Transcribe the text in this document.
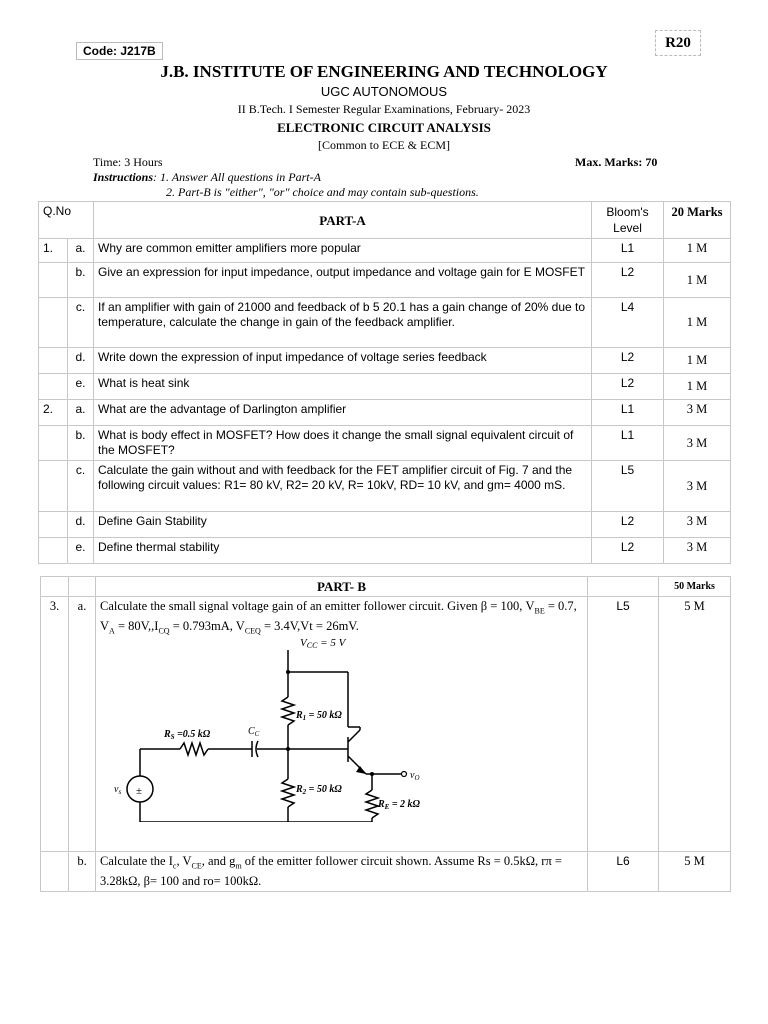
Code: J217B	R20
J.B. INSTITUTE OF ENGINEERING AND TECHNOLOGY
UGC AUTONOMOUS
II B.Tech. I Semester Regular Examinations, February- 2023
ELECTRONIC CIRCUIT ANALYSIS
[Common to ECE & ECM]
Time: 3 Hours	Max. Marks: 70
Instructions: 1. Answer All questions in Part-A
2. Part-B is "either", "or" choice and may contain sub-questions.
Q.No		PART-A	Bloom's Level	20 Marks
1.	a.	Why are common emitter amplifiers more popular	L1	1 M
	b.	Give an expression for input impedance, output impedance and voltage gain for E MOSFET	L2	1 M
	c.	If an amplifier with gain of 21000 and feedback of b 5 20.1 has a gain change of 20% due to temperature, calculate the change in gain of the feedback amplifier.	L4	1 M
	d.	Write down the expression of input impedance of voltage series feedback	L2	1 M
	e.	What is heat sink	L2	1 M
2.	a.	What are the advantage of Darlington amplifier	L1	3 M
	b.	What is body effect in MOSFET? How does it change the small signal equivalent circuit of the MOSFET?	L1	3 M
	c.	Calculate the gain without and with feedback for the FET amplifier circuit of Fig. 7 and the following circuit values: R1= 80 kV, R2= 20 kV, R= 10kV, RD= 10 kV, and gm= 4000 mS.	L5	3 M
	d.	Define Gain Stability	L2	3 M
	e.	Define thermal stability	L2	3 M
		PART- B		50 Marks
3.	a.	Calculate the small signal voltage gain of an emitter follower circuit. Given β = 100, $V_{BE} = 0.7$, $V_A = 80V,,I_{CQ} = 0.793mA$, $V_{CEQ} = 3.4V,Vt = 26mV$.	L5	5 M
	b.	Calculate the $I_c$, $V_{CE}$, and $g_m$ of the emitter follower circuit shown. Assume Rs = 0.5kΩ, rπ = 3.28kΩ, β= 100 and ro= 100kΩ.	L6	5 M
±
VCC = 5 V
$R_1 = 50$ kΩ
$R_2 = 50$ kΩ
$R_S =0.5$ kΩ	$C_C$
$R_E = 2$ kΩ
$v_O$
$v_s$
